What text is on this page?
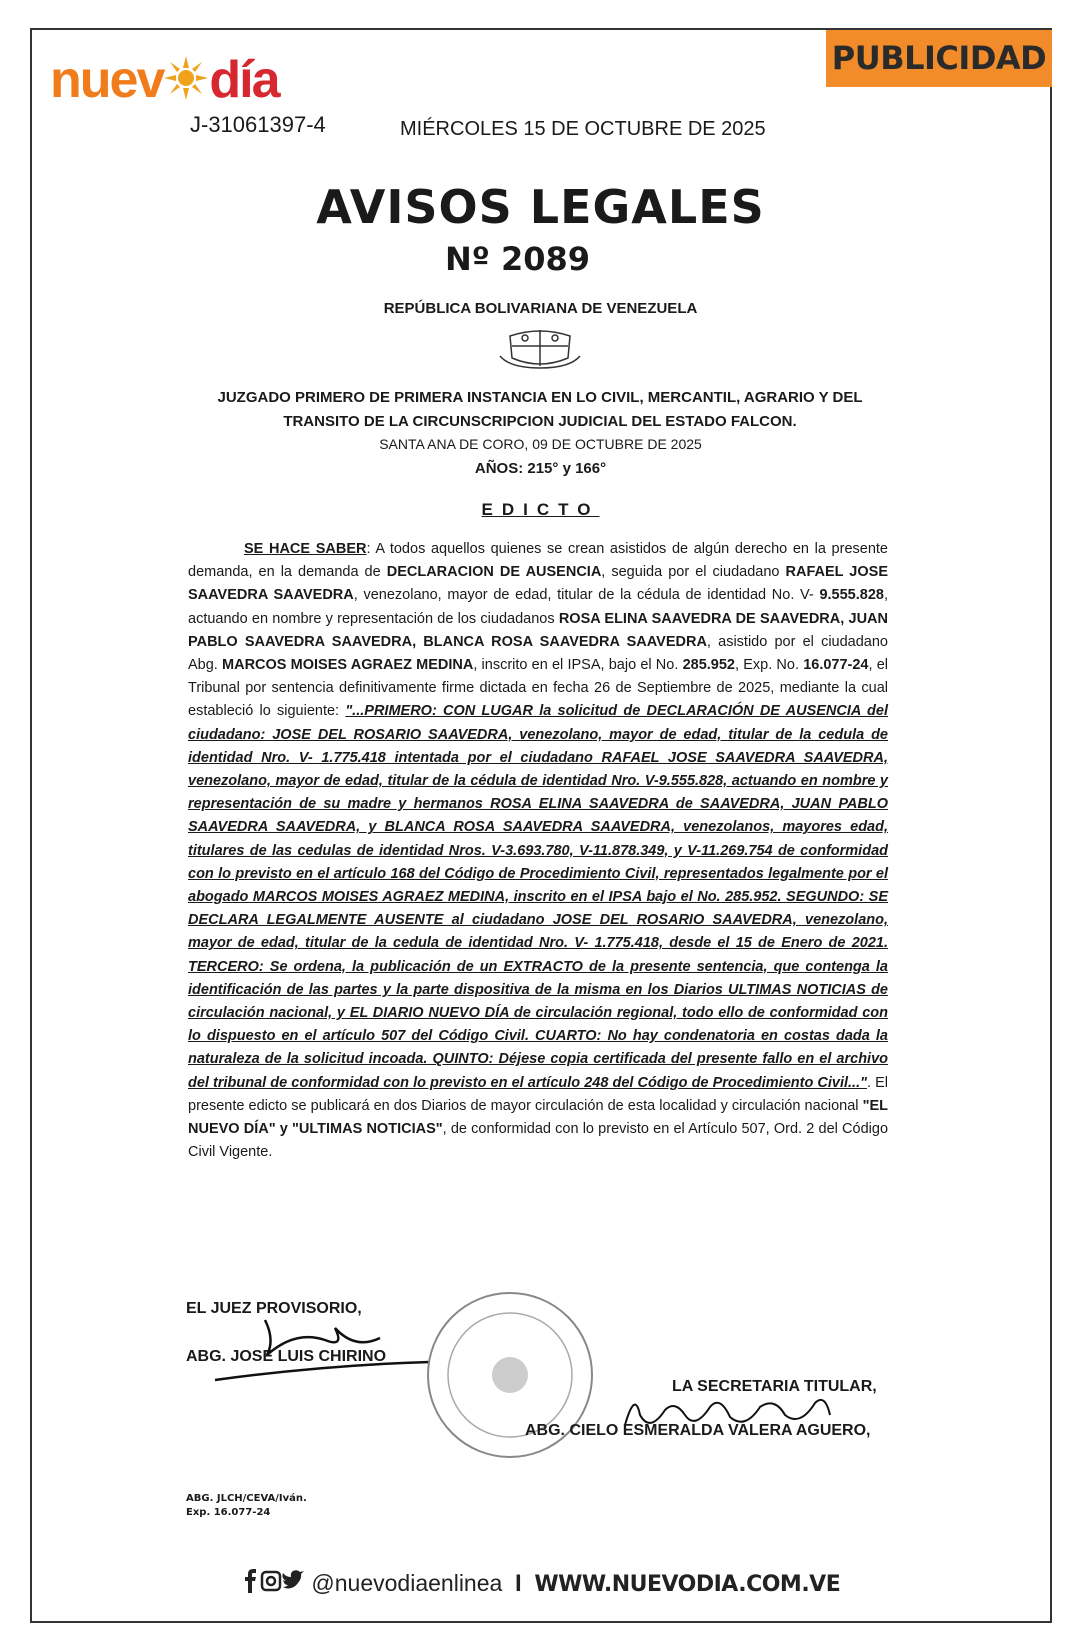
nuev día
J-31061397-4
PUBLICIDAD
MIÉRCOLES 15 DE OCTUBRE DE 2025
AVISOS LEGALES
Nº 2089
REPÚBLICA BOLIVARIANA DE VENEZUELA
JUZGADO PRIMERO DE PRIMERA INSTANCIA EN LO CIVIL, MERCANTIL, AGRARIO Y DEL
TRANSITO DE LA CIRCUNSCRIPCION JUDICIAL DEL ESTADO FALCON.
SANTA ANA DE CORO, 09 DE OCTUBRE DE 2025
AÑOS: 215° y 166°
EDICTO
SE HACE SABER: A todos aquellos quienes se crean asistidos de algún derecho en la presente demanda, en la demanda de DECLARACION DE AUSENCIA, seguida por el ciudadano RAFAEL JOSE SAAVEDRA SAAVEDRA, venezolano, mayor de edad, titular de la cédula de identidad No. V- 9.555.828, actuando en nombre y representación de los ciudadanos ROSA ELINA SAAVEDRA DE SAAVEDRA, JUAN PABLO SAAVEDRA SAAVEDRA, BLANCA ROSA SAAVEDRA SAAVEDRA, asistido por el ciudadano Abg. MARCOS MOISES AGRAEZ MEDINA, inscrito en el IPSA, bajo el No. 285.952, Exp. No. 16.077-24, el Tribunal por sentencia definitivamente firme dictada en fecha 26 de Septiembre de 2025, mediante la cual estableció lo siguiente: "...PRIMERO: CON LUGAR la solicitud de DECLARACIÓN DE AUSENCIA del ciudadano: JOSE DEL ROSARIO SAAVEDRA, venezolano, mayor de edad, titular de la cedula de identidad Nro. V- 1.775.418 intentada por el ciudadano RAFAEL JOSE SAAVEDRA SAAVEDRA, venezolano, mayor de edad, titular de la cédula de identidad Nro. V-9.555.828, actuando en nombre y representación de su madre y hermanos ROSA ELINA SAAVEDRA de SAAVEDRA, JUAN PABLO SAAVEDRA SAAVEDRA, y BLANCA ROSA SAAVEDRA SAAVEDRA, venezolanos, mayores edad, titulares de las cedulas de identidad Nros. V-3.693.780, V-11.878.349, y V-11.269.754 de conformidad con lo previsto en el artículo 168 del Código de Procedimiento Civil, representados legalmente por el abogado MARCOS MOISES AGRAEZ MEDINA, inscrito en el IPSA bajo el No. 285.952. SEGUNDO: SE DECLARA LEGALMENTE AUSENTE al ciudadano JOSE DEL ROSARIO SAAVEDRA, venezolano, mayor de edad, titular de la cedula de identidad Nro. V- 1.775.418, desde el 15 de Enero de 2021. TERCERO: Se ordena, la publicación de un EXTRACTO de la presente sentencia, que contenga la identificación de las partes y la parte dispositiva de la misma en los Diarios ULTIMAS NOTICIAS de circulación nacional, y EL DIARIO NUEVO DÍA de circulación regional, todo ello de conformidad con lo dispuesto en el artículo 507 del Código Civil. CUARTO: No hay condenatoria en costas dada la naturaleza de la solicitud incoada. QUINTO: Déjese copia certificada del presente fallo en el archivo del tribunal de conformidad con lo previsto en el artículo 248 del Código de Procedimiento Civil...". El presente edicto se publicará en dos Diarios de mayor circulación de esta localidad y circulación nacional "EL NUEVO DÍA" y "ULTIMAS NOTICIAS", de conformidad con lo previsto en el Artículo 507, Ord. 2 del Código Civil Vigente.
EL JUEZ PROVISORIO,
ABG. JOSE LUIS CHIRINO
LA SECRETARIA TITULAR,
ABG. CIELO ESMERALDA VALERA AGUERO,
ABG. JLCH/CEVA/Iván.
Exp. 16.077-24
@nuevodiaenlinea I WWW.NUEVODIA.COM.VE
